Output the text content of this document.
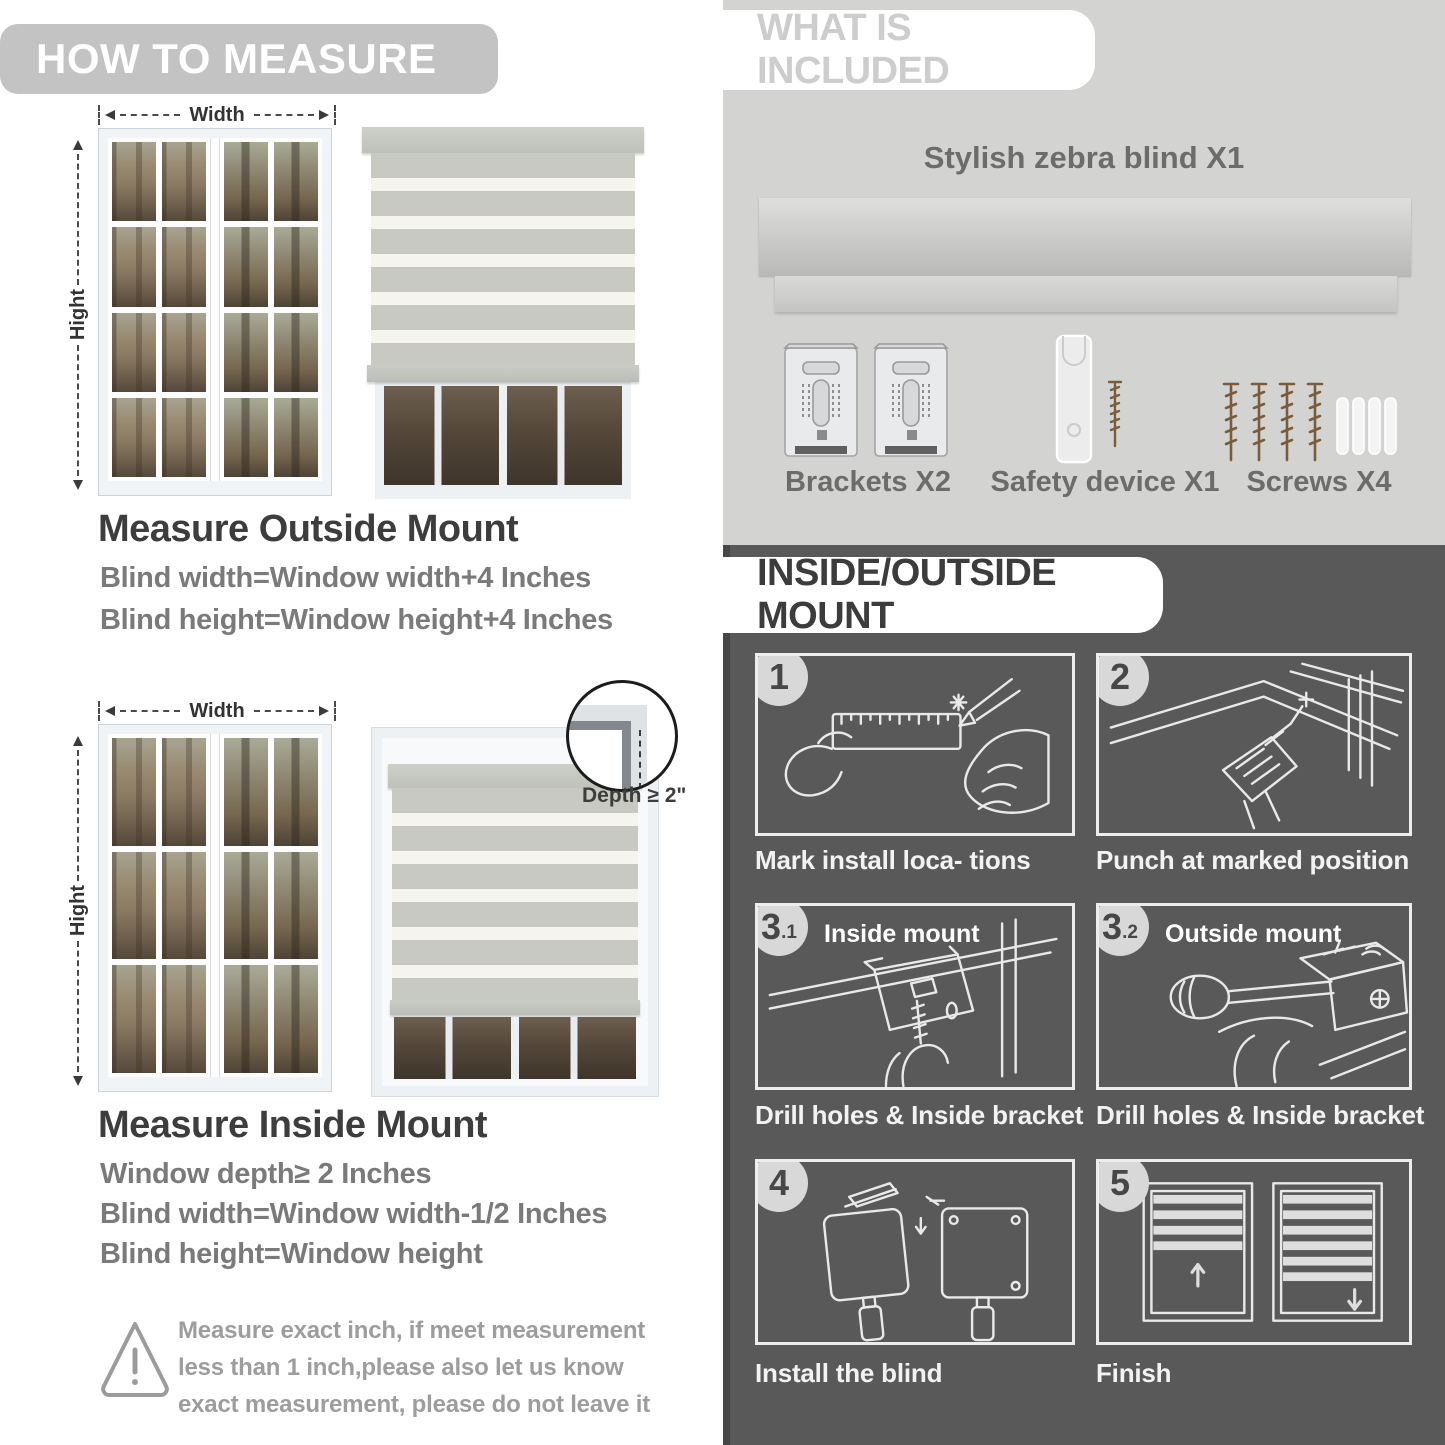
HOW TO MEASURE
Width
Hight
Measure Outside Mount
Blind width=Window width+4 Inches
Blind height=Window height+4 Inches
Width
Hight
Depth ≥ 2"
Measure Inside Mount
Window depth≥ 2 Inches
Blind width=Window width-1/2 Inches
Blind height=Window height
Measure exact inch, if meet measurement less than 1 inch,please also let us know exact measurement, please do not leave it
WHAT IS INCLUDED
Stylish zebra blind X1
Brackets X2	Safety device X1 Screws X4
INSIDE/OUTSIDE MOUNT
1
Mark install loca- tions
2
Punch at marked position
3 .1 Inside mount
Drill holes & Inside bracket
3 .2 Outside mount
Drill holes & Inside bracket
4
Install the blind
5
Finish
